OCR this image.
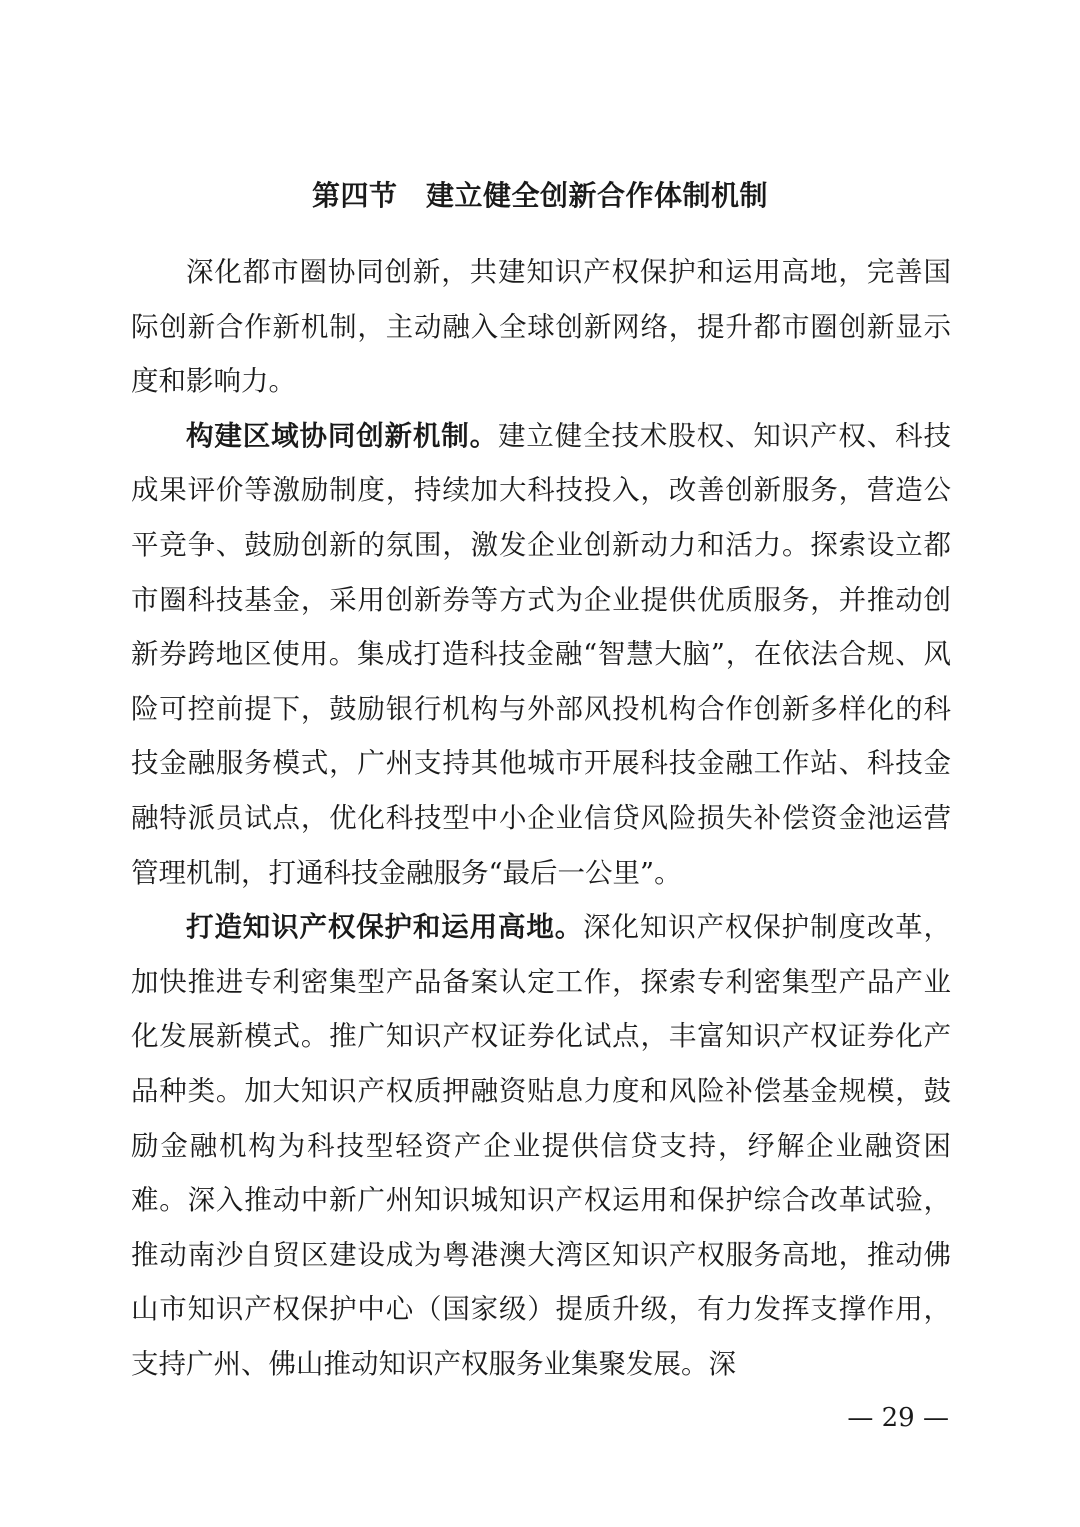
第四节　建立健全创新合作体制机制

深化都市圈协同创新，共建知识产权保护和运用高地，完善国际创新合作新机制，主动融入全球创新网络，提升都市圈创新显示度和影响力。

构建区域协同创新机制。建立健全技术股权、知识产权、科技成果评价等激励制度，持续加大科技投入，改善创新服务，营造公平竞争、鼓励创新的氛围，激发企业创新动力和活力。探索设立都市圈科技基金，采用创新券等方式为企业提供优质服务，并推动创新券跨地区使用。集成打造科技金融“智慧大脑”，在依法合规、风险可控前提下，鼓励银行机构与外部风投机构合作创新多样化的科技金融服务模式，广州支持其他城市开展科技金融工作站、科技金融特派员试点，优化科技型中小企业信贷风险损失补偿资金池运营管理机制，打通科技金融服务“最后一公里”。

打造知识产权保护和运用高地。深化知识产权保护制度改革，加快推进专利密集型产品备案认定工作，探索专利密集型产品产业化发展新模式。推广知识产权证券化试点，丰富知识产权证券化产品种类。加大知识产权质押融资贴息力度和风险补偿基金规模，鼓励金融机构为科技型轻资产企业提供信贷支持，纾解企业融资困难。深入推动中新广州知识城知识产权运用和保护综合改革试验，推动南沙自贸区建设成为粤港澳大湾区知识产权服务高地，推动佛山市知识产权保护中心（国家级）提质升级，有力发挥支撑作用，支持广州、佛山推动知识产权服务业集聚发展。深

— 29 —
